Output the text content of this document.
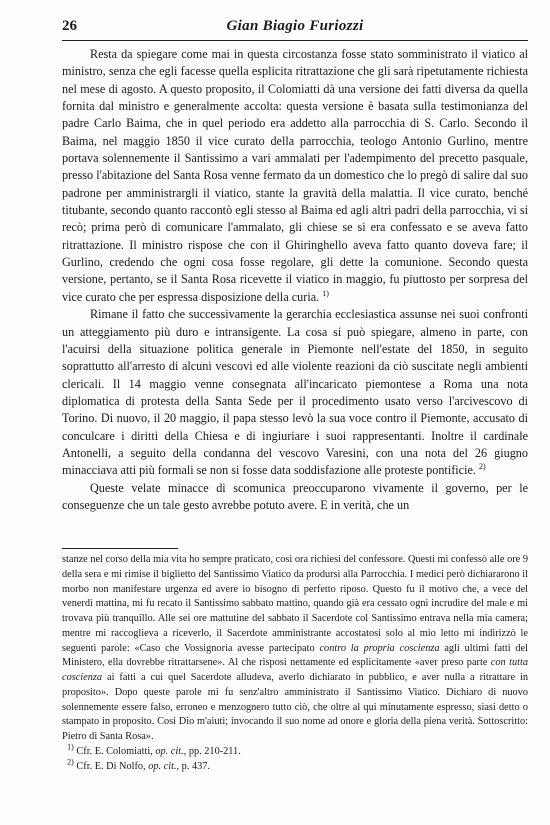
26	Gian Biagio Furiozzi

Resta da spiegare come mai in questa circostanza fosse stato somministrato il viatico al ministro, senza che egli facesse quella esplicita ritrattazione che gli sarà ripetutamente richiesta nel mese di agosto. A questo proposito, il Colomiatti dà una versione dei fatti diversa da quella fornita dal ministro e generalmente accolta: questa versione è basata sulla testimonianza del padre Carlo Baima, che in quel periodo era addetto alla parrocchia di S. Carlo. Secondo il Baima, nel maggio 1850 il vice curato della parrocchia, teologo Antonio Gurlino, mentre portava solennemente il Santissimo a vari ammalati per l'adempimento del precetto pasquale, presso l'abitazione del Santa Rosa venne fermato da un domestico che lo pregò di salire dal suo padrone per amministrargli il viatico, stante la gravità della malattia. Il vice curato, benché titubante, secondo quanto raccontò egli stesso al Baima ed agli altri padri della parrocchia, vi si recò; prima però di comunicare l'ammalato, gli chiese se si era confessato e se aveva fatto ritrattazione. Il ministro rispose che con il Ghiringhello aveva fatto quanto doveva fare; il Gurlino, credendo che ogni cosa fosse regolare, gli dette la comunione. Secondo questa versione, pertanto, se il Santa Rosa ricevette il viatico in maggio, fu piuttosto per sorpresa del vice curato che per espressa disposizione della curia. $^{1)}$

Rimane il fatto che successivamente la gerarchia ecclesiastica assunse nei suoi confronti un atteggiamento più duro e intransigente. La cosa si può spiegare, almeno in parte, con l'acuirsi della situazione politica generale in Piemonte nell'estate del 1850, in seguito soprattutto all'arresto di alcuni vescovi ed alle violente reazioni da ciò suscitate negli ambienti clericali. Il 14 maggio venne consegnata all'incaricato piemontese a Roma una nota diplomatica di protesta della Santa Sede per il procedimento usato verso l'arcivescovo di Torino. Di nuovo, il 20 maggio, il papa stesso levò la sua voce contro il Piemonte, accusato di conculcare i diritti della Chiesa e di ingiuriare i suoi rappresentanti. Inoltre il cardinale Antonelli, a seguito della condanna del vescovo Varesini, con una nota del 26 giugno minacciava atti più formali se non si fosse data soddisfazione alle proteste pontificie. $^{2)}$

Queste velate minacce di scomunica preoccuparono vivamente il governo, per le conseguenze che un tale gesto avrebbe potuto avere. E in verità, che un

stanze nel corso della mia vita ho sempre praticato, così ora richiesi del confessore. Questi mi confessò alle ore 9 della sera e mi rimise il biglietto del Santissimo Viatico da prodursi alla Parrocchia. I medici però dichiararono il morbo non manifestare urgenza ed avere io bisogno di perfetto riposo. Questo fu il motivo che, a vece del venerdì mattina, mi fu recato il Santissimo sabbato mattino, quando già era cessato ogni incrudire del male e mi trovava più tranquillo. Alle sei ore mattutine del sabbato il Sacerdote col Santissimo entrava nella mia camera; mentre mi raccoglieva a riceverlo, il Sacerdote amministrante accostatosi solo al mio letto mi indirizzò le seguenti parole: «Caso che Vossignoria avesse partecipato contro la propria coscienza agli ultimi fatti del Ministero, ella dovrebbe ritrattarsene». Al che risposi nettamente ed esplicitamente «aver preso parte con tutta coscienza ai fatti a cui quel Sacerdote alludeva, averlo dichiarato in pubblico, e aver nulla a ritrattare in proposito». Dopo queste parole mi fu senz'altro amministrato il Santissimo Viatico. Dichiaro di nuovo solennemente essere falso, erroneo e menzognero tutto ciò, che oltre al qui minutamente espresso, siasi detto o stampato in proposito. Così Dio m'aiuti; invocando il suo nome ad onore e gloria della piena verità. Sottoscritto: Pietro di Santa Rosa».

$^{1)}$ Cfr. E. Colomiatti, op. cit., pp. 210-211.

$^{2)}$ Cfr. E. Di Nolfo, op. cit., p. 437.
